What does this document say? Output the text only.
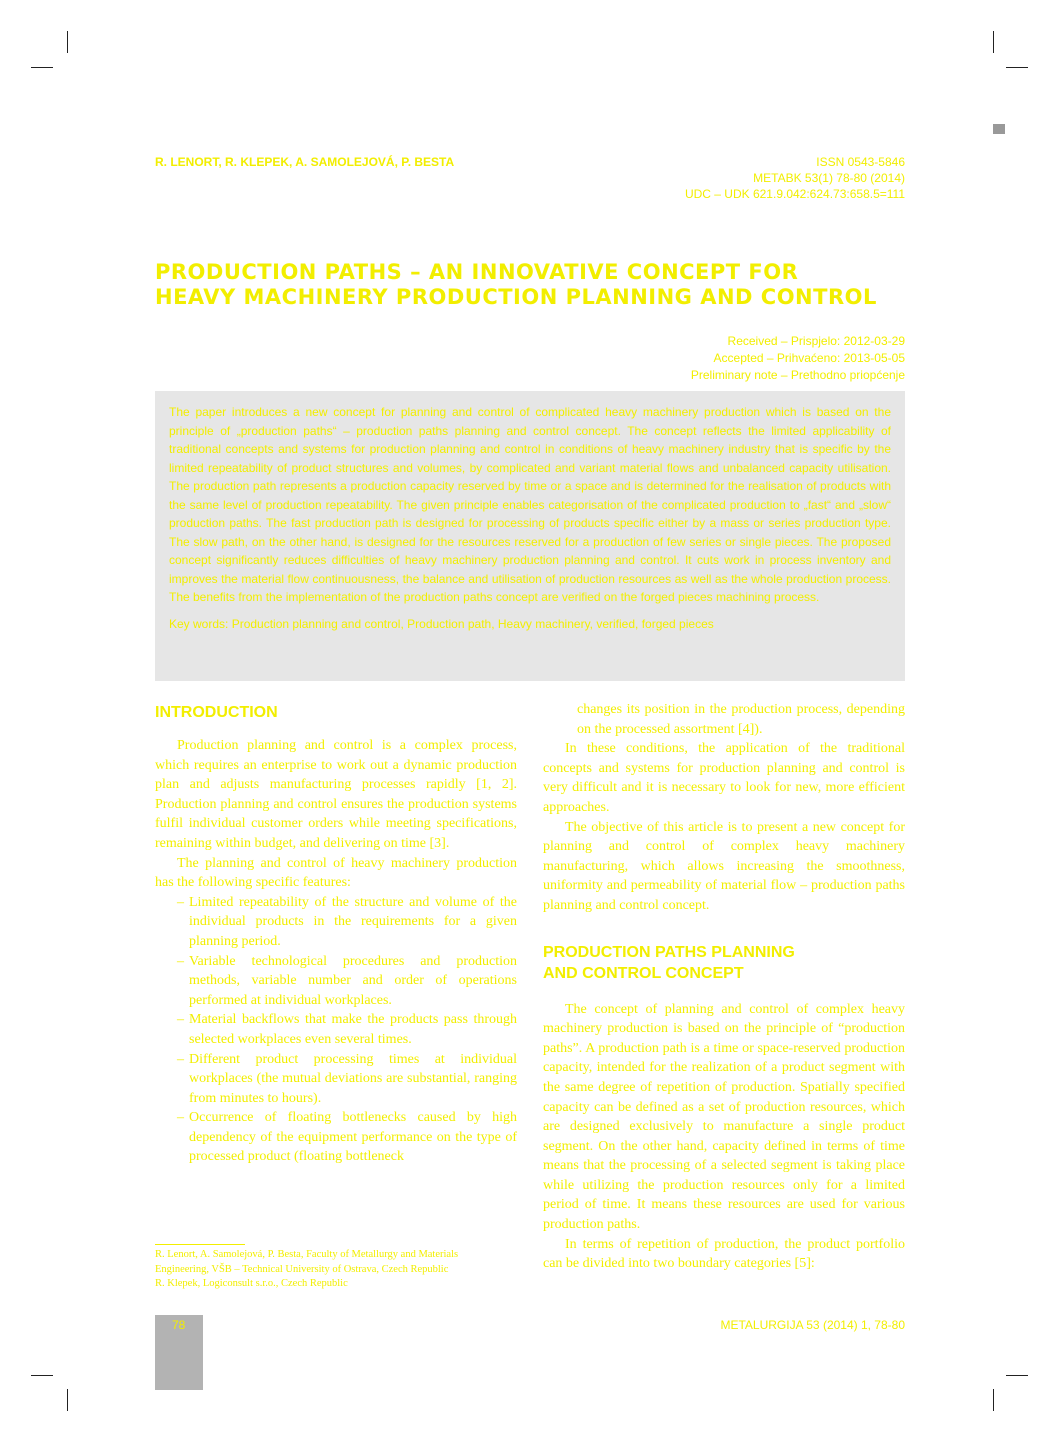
R. LENORT, R. KLEPEK, A. SAMOLEJOVÁ, P. BESTA	ISSN 0543-5846
METABK 53(1) 78-80 (2014)
UDC – UDK 621.9.042:624.73:658.5=111
PRODUCTION PATHS – AN INNOVATIVE CONCEPT FOR
HEAVY MACHINERY PRODUCTION PLANNING AND CONTROL
Received – Prispjelo: 2012-03-29
Accepted – Prihvaćeno: 2013-05-05
Preliminary note – Prethodno priopćenje

The paper introduces a new concept for planning and control of complicated heavy machinery production which is based on the principle of „production paths“ – production paths planning and control concept. The concept reflects the limited applicability of traditional concepts and systems for production planning and control in conditions of heavy machinery industry that is specific by the limited repeatability of product structures and volumes, by complicated and variant material flows and unbalanced capacity utilisation. The production path represents a production capacity reserved by time or a space and is determined for the realisation of products with the same level of production repeatability. The given principle enables categorisation of the complicated production to „fast“ and „slow“ production paths. The fast production path is designed for processing of products specific either by a mass or series production type. The slow path, on the other hand, is designed for the resources reserved for a production of few series or single pieces. The proposed concept significantly reduces difficulties of heavy machinery production planning and control. It cuts work in process inventory and improves the material flow continuousness, the balance and utilisation of production resources as well as the whole production process. The benefits from the implementation of the production paths concept are verified on the forged pieces machining process.

Key words: Production planning and control, Production path, Heavy machinery, verified, forged pieces

INTRODUCTION

Production planning and control is a complex process, which requires an enterprise to work out a dynamic production plan and adjusts manufacturing processes rapidly [1, 2]. Production planning and control ensures the production systems fulfil individual customer orders while meeting specifications, remaining within budget, and delivering on time [3].

The planning and control of heavy machinery production has the following specific features:

– Limited repeatability of the structure and volume of the individual products in the requirements for a given planning period.
– Variable technological procedures and production methods, variable number and order of operations performed at individual workplaces.
– Material backflows that make the products pass through selected workplaces even several times.
– Different product processing times at individual workplaces (the mutual deviations are substantial, ranging from minutes to hours).
– Occurrence of floating bottlenecks caused by high dependency of the equipment performance on the type of processed product (floating bottleneck

changes its position in the production process, depending on the processed assortment [4]).

In these conditions, the application of the traditional concepts and systems for production planning and control is very difficult and it is necessary to look for new, more efficient approaches.

The objective of this article is to present a new concept for planning and control of complex heavy machinery manufacturing, which allows increasing the smoothness, uniformity and permeability of material flow – production paths planning and control concept.

PRODUCTION PATHS PLANNING
AND CONTROL CONCEPT

The concept of planning and control of complex heavy machinery production is based on the principle of “production paths”. A production path is a time or space-reserved production capacity, intended for the realization of a product segment with the same degree of repetition of production. Spatially specified capacity can be defined as a set of production resources, which are designed exclusively to manufacture a single product segment. On the other hand, capacity defined in terms of time means that the processing of a selected segment is taking place while utilizing the production resources only for a limited period of time. It means these resources are used for various production paths.

In terms of repetition of production, the product portfolio can be divided into two boundary categories [5]:

R. Lenort, A. Samolejová, P. Besta, Faculty of Metallurgy and Materials
Engineering, VŠB – Technical University of Ostrava, Czech Republic
R. Klepek, Logiconsult s.r.o., Czech Republic
78	METALURGIJA 53 (2014) 1, 78-80
